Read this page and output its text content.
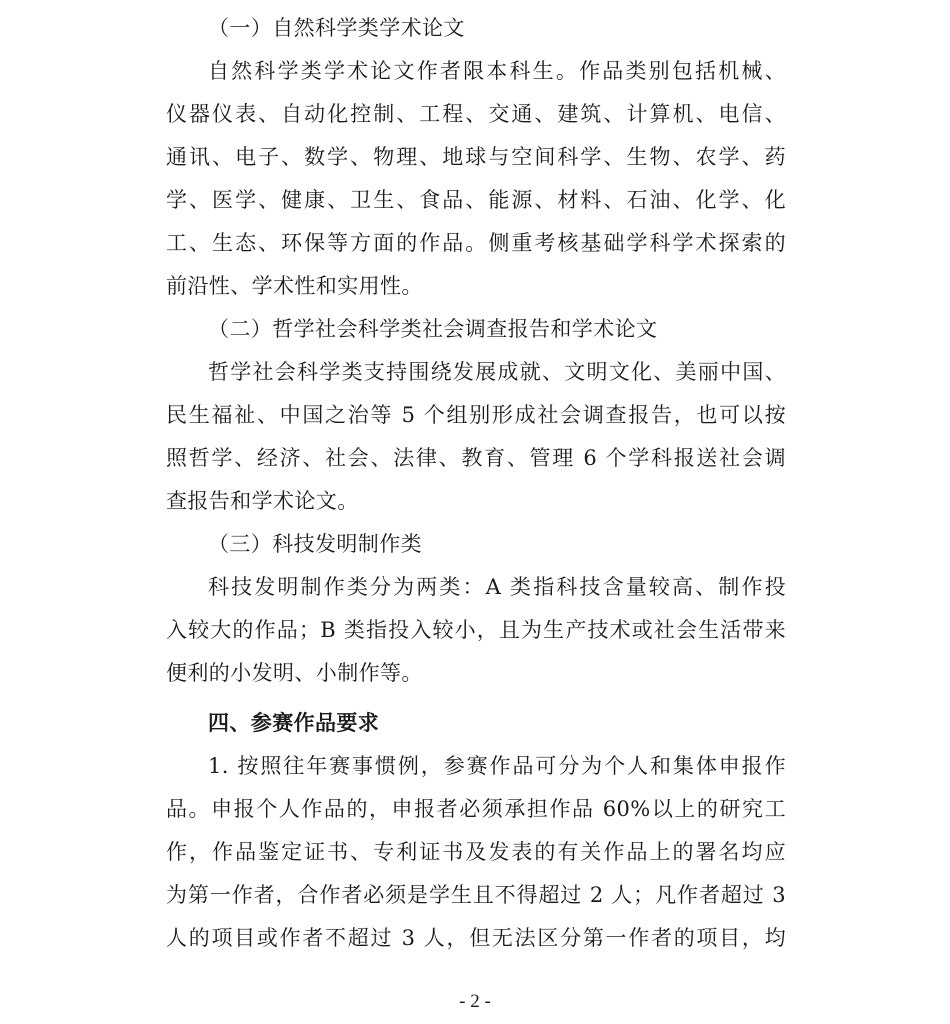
（一）自然科学类学术论文
自然科学类学术论文作者限本科生。作品类别包括机械、
仪器仪表、自动化控制、工程、交通、建筑、计算机、电信、
通讯、电子、数学、物理、地球与空间科学、生物、农学、药
学、医学、健康、卫生、食品、能源、材料、石油、化学、化
工、生态、环保等方面的作品。侧重考核基础学科学术探索的
前沿性、学术性和实用性。
（二）哲学社会科学类社会调查报告和学术论文
哲学社会科学类支持围绕发展成就、文明文化、美丽中国、
民生福祉、中国之治等 5 个组别形成社会调查报告，也可以按
照哲学、经济、社会、法律、教育、管理 6 个学科报送社会调
查报告和学术论文。
（三）科技发明制作类
科技发明制作类分为两类：A 类指科技含量较高、制作投
入较大的作品；B 类指投入较小，且为生产技术或社会生活带来
便利的小发明、小制作等。
四、参赛作品要求
1. 按照往年赛事惯例，参赛作品可分为个人和集体申报作
品。申报个人作品的，申报者必须承担作品 60%以上的研究工
作，作品鉴定证书、专利证书及发表的有关作品上的署名均应
为第一作者，合作者必须是学生且不得超过 2 人；凡作者超过 3
人的项目或作者不超过 3 人，但无法区分第一作者的项目，均
- 2 -
